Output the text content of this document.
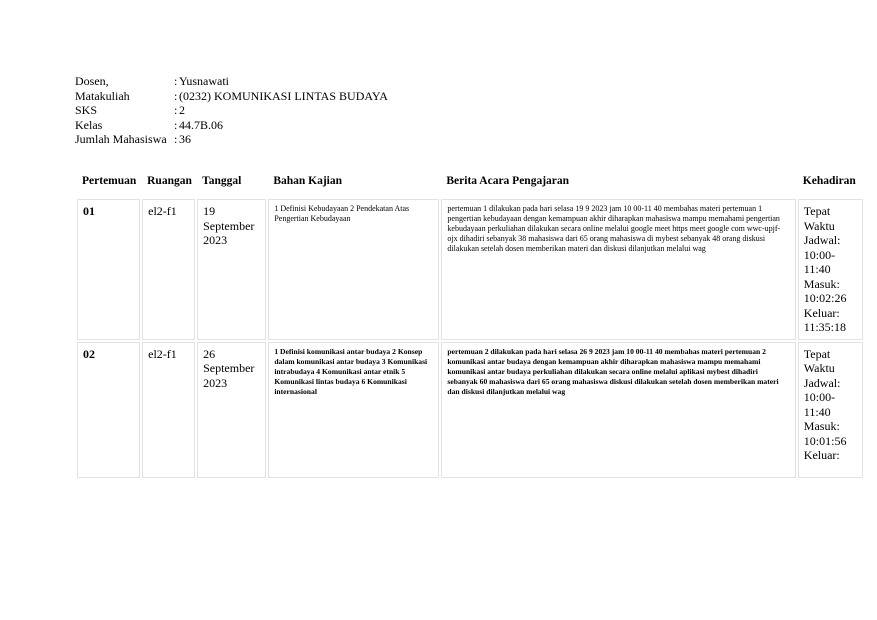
Dosen,	: Yusnawati
Matakuliah	: (0232) KOMUNIKASI LINTAS BUDAYA
SKS	: 2
Kelas	: 44.7B.06
Jumlah Mahasiswa : 36
Pertemuan	Ruangan	Tanggal	Bahan Kajian	Berita Acara Pengajaran	Kehadiran
01	el2-f1	19 September 2023	1 Definisi Kebudayaan 2 Pendekatan Atas Pengertian Kebudayaan	pertemuan 1 dilakukan pada hari selasa 19 9 2023 jam 10 00-11 40 membahas materi pertemuan 1 pengertian kebudayaan dengan kemampuan akhir diharapkan mahasiswa mampu memahami pengertian kebudayaan perkuliahan dilakukan secara online melalui google meet https meet google com wwc-upjf-ojx dihadiri sebanyak 38 mahasiswa dari 65 orang mahasiswa di mybest sebanyak 48 orang diskusi dilakukan setelah dosen memberikan materi dan diskusi dilanjutkan melalui wag	Tepat Waktu Jadwal: 10:00-11:40 Masuk: 10:02:26 Keluar: 11:35:18
02	el2-f1	26 September 2023	1 Definisi komunikasi antar budaya 2 Konsep dalam komunikasi antar budaya 3 Komunikasi intrabudaya 4 Komunikasi antar etnik 5 Komunikasi lintas budaya 6 Komunikasi internasional	pertemuan 2 dilakukan pada hari selasa 26 9 2023 jam 10 00-11 40 membahas materi pertemuan 2 komunikasi antar budaya dengan kemampuan akhir diharapkan mahasiswa mampu memahami komunikasi antar budaya perkuliahan dilakukan secara online melalui aplikasi mybest dihadiri sebanyak 60 mahasiswa dari 65 orang mahasiswa diskusi dilakukan setelah dosen memberikan materi dan diskusi dilanjutkan melalui wag	Tepat Waktu Jadwal: 10:00-11:40 Masuk: 10:01:56 Keluar:
